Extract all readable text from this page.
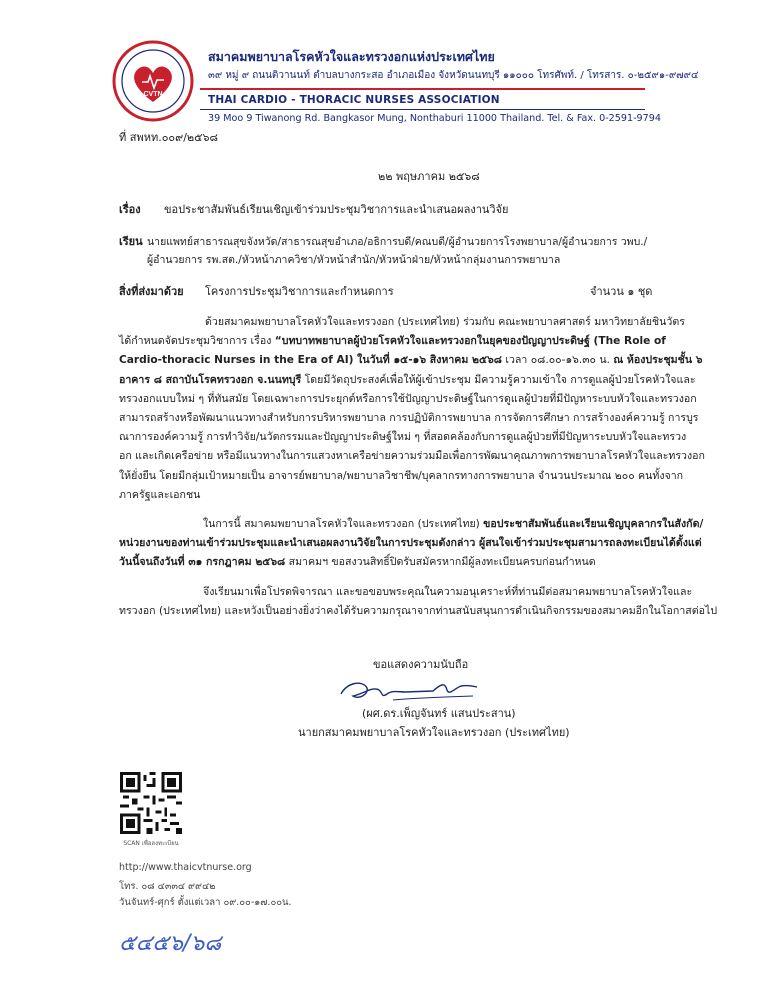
CVTN
สมาคมพยาบาลโรคหัวใจและทรวงอกแห่งประเทศไทย
๓๙ หมู่ ๙ ถนนติวานนท์ ตำบลบางกระสอ อำเภอเมือง จังหวัดนนทบุรี ๑๑๐๐๐ โทรศัพท์. / โทรสาร. ๐-๒๕๙๑-๙๗๙๔
THAI CARDIO - THORACIC NURSES ASSOCIATION
39 Moo 9 Tiwanong Rd. Bangkasor Mung, Nonthaburi 11000 Thailand. Tel. & Fax. 0-2591-9794
ที่ สพหท.๐๐๙/๒๕๖๘
๒๒ พฤษภาคม ๒๕๖๘
เรื่อง ขอประชาสัมพันธ์เรียนเชิญเข้าร่วมประชุมวิชาการและนำเสนอผลงานวิจัย
เรียน นายแพทย์สาธารณสุขจังหวัด/สาธารณสุขอำเภอ/อธิการบดี/คณบดี/ผู้อำนวยการโรงพยาบาล/ผู้อำนวยการ วพบ./
ผู้อำนวยการ รพ.สต./หัวหน้าภาควิชา/หัวหน้าสำนัก/หัวหน้าฝ่าย/หัวหน้ากลุ่มงานการพยาบาล
สิ่งที่ส่งมาด้วย โครงการประชุมวิชาการและกำหนดการ	จำนวน ๑ ชุด
ด้วยสมาคมพยาบาลโรคหัวใจและทรวงอก (ประเทศไทย) ร่วมกับ คณะพยาบาลศาสตร์ มหาวิทยาลัยชินวัตร
ได้กำหนดจัดประชุมวิชาการ เรื่อง “บทบาทพยาบาลผู้ป่วยโรคหัวใจและทรวงอกในยุคของปัญญาประดิษฐ์ (The Role of
Cardio-thoracic Nurses in the Era of AI) ในวันที่ ๑๕-๑๖ สิงหาคม ๒๕๖๘ เวลา ๐๘.๐๐-๑๖.๓๐ น. ณ ห้องประชุมชั้น ๖
อาคาร ๘ สถาบันโรคทรวงอก จ.นนทบุรี โดยมีวัตถุประสงค์เพื่อให้ผู้เข้าประชุม มีความรู้ความเข้าใจ การดูแลผู้ป่วยโรคหัวใจและ
ทรวงอกแบบใหม่ ๆ ที่ทันสมัย โดยเฉพาะการประยุกต์หรือการใช้ปัญญาประดิษฐ์ในการดูแลผู้ป่วยที่มีปัญหาระบบหัวใจและทรวงอก
สามารถสร้างหรือพัฒนาแนวทางสำหรับการบริหารพยาบาล การปฏิบัติการพยาบาล การจัดการศึกษา การสร้างองค์ความรู้ การบูร
ณาการองค์ความรู้ การทำวิจัย/นวัตกรรมและปัญญาประดิษฐ์ใหม่ ๆ ที่สอดคล้องกับการดูแลผู้ป่วยที่มีปัญหาระบบหัวใจและทรวง
อก และเกิดเครือข่าย หรือมีแนวทางในการแสวงหาเครือข่ายความร่วมมือเพื่อการพัฒนาคุณภาพการพยาบาลโรคหัวใจและทรวงอก
ให้ยั่งยืน โดยมีกลุ่มเป้าหมายเป็น อาจารย์พยาบาล/พยาบาลวิชาชีพ/บุคลากรทางการพยาบาล จำนวนประมาณ ๒๐๐ คนทั้งจาก
ภาครัฐและเอกชน
ในการนี้ สมาคมพยาบาลโรคหัวใจและทรวงอก (ประเทศไทย) ขอประชาสัมพันธ์และเรียนเชิญบุคลากรในสังกัด/
หน่วยงานของท่านเข้าร่วมประชุมและนำเสนอผลงานวิจัยในการประชุมดังกล่าว ผู้สนใจเข้าร่วมประชุมสามารถลงทะเบียนได้ตั้งแต่
วันนี้จนถึงวันที่ ๓๑ กรกฎาคม ๒๕๖๘ สมาคมฯ ขอสงวนสิทธิ์ปิดรับสมัครหากมีผู้ลงทะเบียนครบก่อนกำหนด
จึงเรียนมาเพื่อโปรดพิจารณา และขอขอบพระคุณในความอนุเคราะห์ที่ท่านมีต่อสมาคมพยาบาลโรคหัวใจและ
ทรวงอก (ประเทศไทย) และหวังเป็นอย่างยิ่งว่าคงได้รับความกรุณาจากท่านสนับสนุนการดำเนินกิจกรรมของสมาคมอีกในโอกาสต่อไป
ขอแสดงความนับถือ
(ผศ.ดร.เพ็ญจันทร์ แสนประสาน)
นายกสมาคมพยาบาลโรคหัวใจและทรวงอก (ประเทศไทย)
SCAN เพื่อลงทะเบียน
http://www.thaicvtnurse.org
โทร. ๐๘ ๔๓๓๔ ๙๙๔๒
วันจันทร์-ศุกร์ ตั้งแต่เวลา ๐๙.๐๐-๑๗.๐๐น.
๕๔๕๖/๖๘
